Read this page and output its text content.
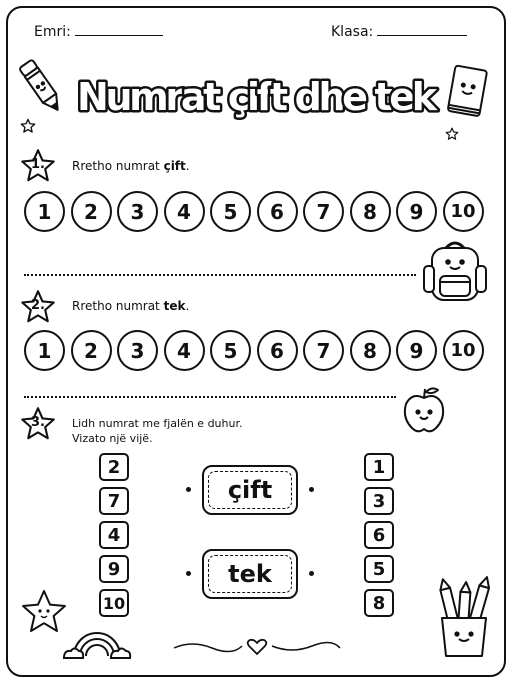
Emri:	Klasa:
Numrat çift dhe tek
1.	Rretho numrat çift.
1	2	3	4	5	6	7	8	9	10
2.	Rretho numrat tek.
1	2	3	4	5	6	7	8	9	10
3.	Lidh numrat me fjalën e duhur.
Vizato një vijë.
2
7
4
9
10
çift
tek
1
3
6
5
8
